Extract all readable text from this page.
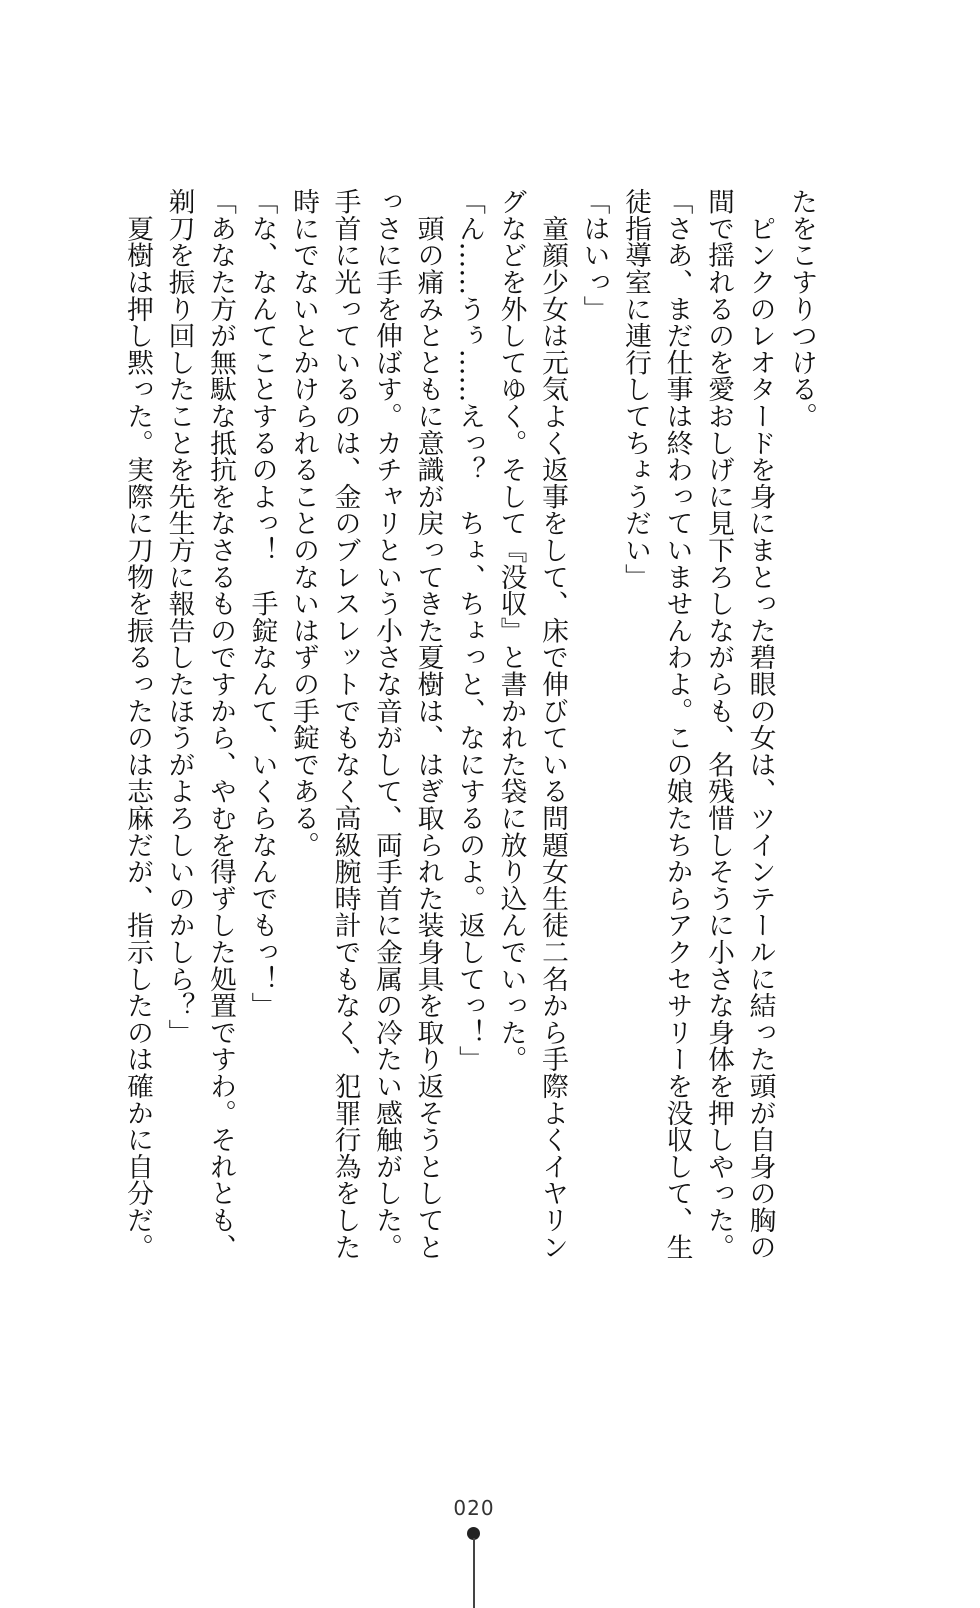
たをこすりつける。

　ピンクのレオタードを身にまとった碧眼の女は、ツインテールに結った頭が自身の胸の

間で揺れるのを愛おしげに見下ろしながらも、名残惜しそうに小さな身体を押しやった。

「さあ、まだ仕事は終わっていませんわよ。この娘たちからアクセサリーを没収して、生

徒指導室に連行してちょうだい」

「はいっ」

　童顔少女は元気よく返事をして、床で伸びている問題女生徒二名から手際よくイヤリン

グなどを外してゆく。そして『没収』と書かれた袋に放り込んでいった。

「ん……うぅ……えっ？　ちょ、ちょっと、なにするのよ。返してっ！」

　頭の痛みとともに意識が戻ってきた夏樹は、はぎ取られた装身具を取り返そうとしてと

っさに手を伸ばす。カチャリという小さな音がして、両手首に金属の冷たい感触がした。

手首に光っているのは、金のブレスレットでもなく高級腕時計でもなく、犯罪行為をした

時にでないとかけられることのないはずの手錠である。

「な、なんてことするのよっ！　手錠なんて、いくらなんでもっ！」

「あなた方が無駄な抵抗をなさるものですから、やむを得ずした処置ですわ。それとも、

剃刀を振り回したことを先生方に報告したほうがよろしいのかしら？」

　夏樹は押し黙った。実際に刀物を振るったのは志麻だが、指示したのは確かに自分だ。

020
